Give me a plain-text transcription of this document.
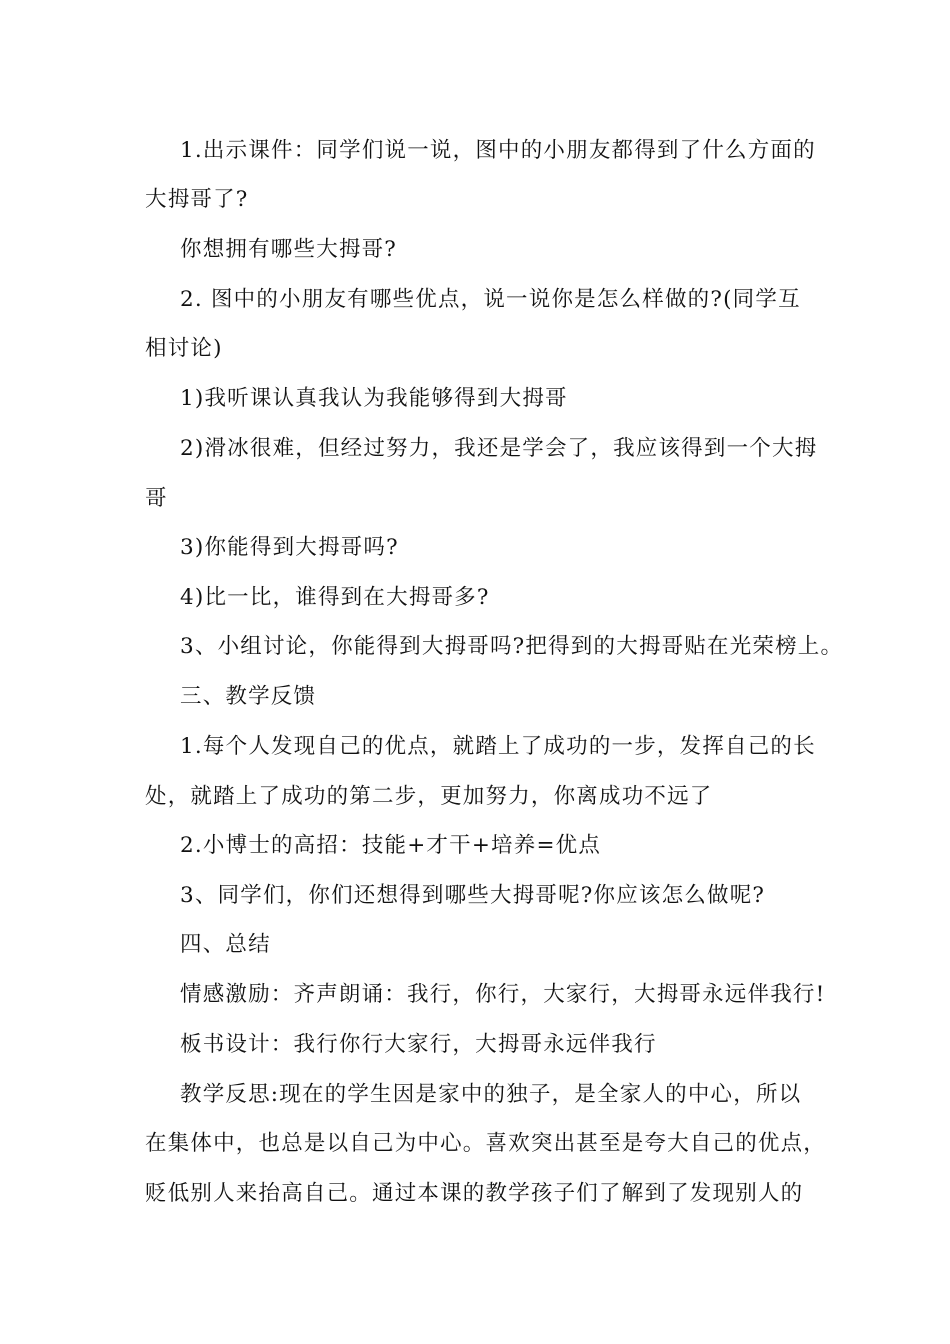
1.出示课件：同学们说一说，图中的小朋友都得到了什么方面的
大拇哥了?
你想拥有哪些大拇哥?
2. 图中的小朋友有哪些优点，说一说你是怎么样做的?(同学互
相讨论)
1)我听课认真我认为我能够得到大拇哥
2)滑冰很难，但经过努力，我还是学会了，我应该得到一个大拇
哥
3)你能得到大拇哥吗?
4)比一比，谁得到在大拇哥多?
3、小组讨论，你能得到大拇哥吗?把得到的大拇哥贴在光荣榜上。
三、教学反馈
1.每个人发现自己的优点，就踏上了成功的一步，发挥自己的长
处，就踏上了成功的第二步，更加努力，你离成功不远了
2.小博士的高招：技能+才干+培养=优点
3、同学们，你们还想得到哪些大拇哥呢?你应该怎么做呢?
四、总结
情感激励：齐声朗诵：我行，你行，大家行，大拇哥永远伴我行!
板书设计：我行你行大家行，大拇哥永远伴我行
教学反思:现在的学生因是家中的独子，是全家人的中心，所以
在集体中，也总是以自己为中心。喜欢突出甚至是夸大自己的优点，
贬低别人来抬高自己。通过本课的教学孩子们了解到了发现别人的
